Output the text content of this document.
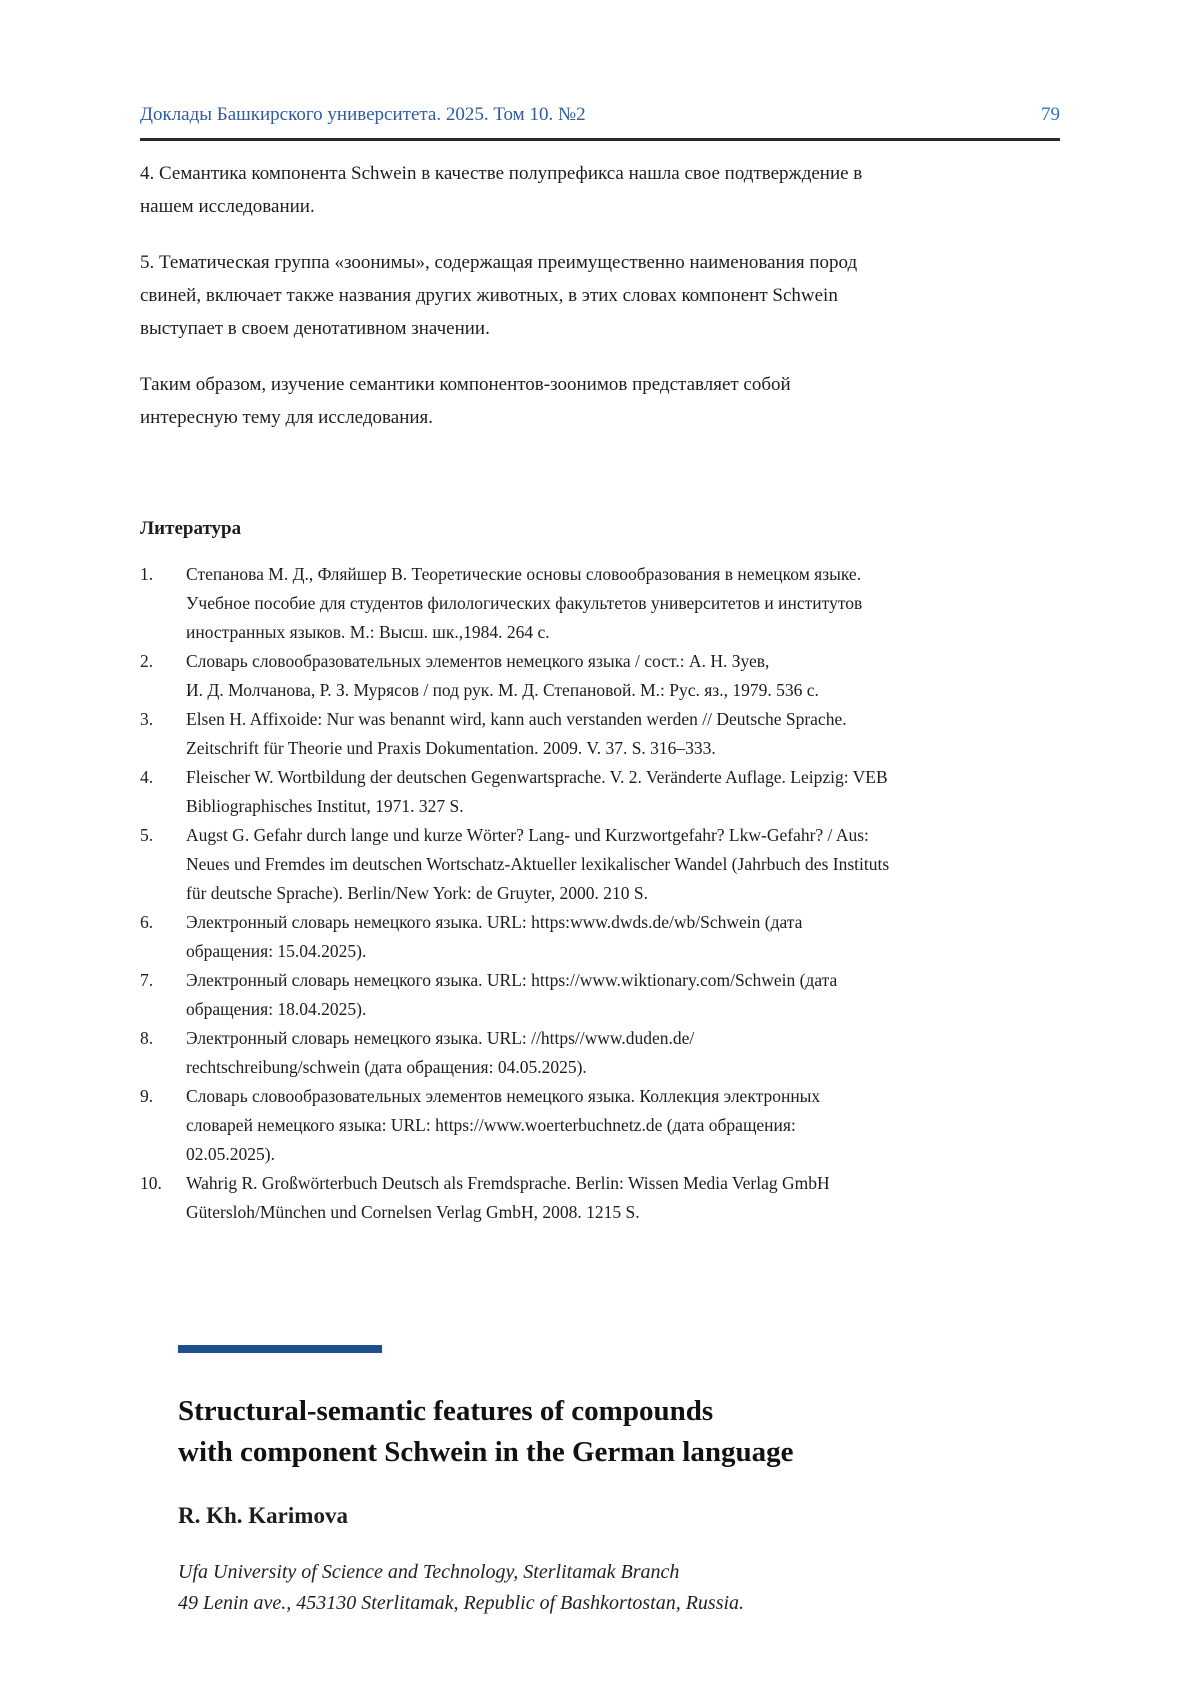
Доклады Башкирского университета. 2025. Том 10. №2	79

4. Семантика компонента Schwein в качестве полупрефикса нашла свое подтверждение в
нашем исследовании.

5. Тематическая группа «зоонимы», содержащая преимущественно наименования пород
свиней, включает также названия других животных, в этих словах компонент Schwein
выступает в своем денотативном значении.

Таким образом, изучение семантики компонентов-зоонимов представляет собой
интересную тему для исследования.

Литература
1.	Степанова М. Д., Фляйшер В. Теоретические основы словообразования в немецком языке.
Учебное пособие для студентов филологических факультетов университетов и институтов
иностранных языков. М.: Высш. шк.,1984. 264 с.
2.	Словарь словообразовательных элементов немецкого языка / сост.: А. Н. Зуев,
И. Д. Молчанова, Р. З. Мурясов / под рук. М. Д. Степановой. М.: Рус. яз., 1979. 536 с.
3.	Elsen H. Affixoide: Nur was benannt wird, kann auch verstanden werden // Deutsche Sprache.
Zeitschrift für Theorie und Praxis Dokumentation. 2009. V. 37. S. 316–333.
4.	Fleischer W. Wortbildung der deutschen Gegenwartsprache. V. 2. Veränderte Auflage. Leipzig: VEB
Bibliographisches Institut, 1971. 327 S.
5.	Augst G. Gefahr durch lange und kurze Wörter? Lang- und Kurzwortgefahr? Lkw-Gefahr? / Aus:
Neues und Fremdes im deutschen Wortschatz-Aktueller lexikalischer Wandel (Jahrbuch des Instituts
für deutsche Sprache). Berlin/New York: de Gruyter, 2000. 210 S.
6.	Электронный словарь немецкого языка. URL: https:www.dwds.de/wb/Schwein (дата
обращения: 15.04.2025).
7.	Электронный словарь немецкого языка. URL: https://www.wiktionary.com/Schwein (дата
обращения: 18.04.2025).
8.	Электронный словарь немецкого языка. URL: //https//www.duden.de/
rechtschreibung/schwein (дата обращения: 04.05.2025).
9.	Словарь словообразовательных элементов немецкого языка. Коллекция электронных
словарей немецкого языка: URL: https://www.woerterbuchnetz.de (дата обращения:
02.05.2025).
10.	Wahrig R. Großwörterbuch Deutsch als Fremdsprache. Berlin: Wissen Media Verlag GmbH
Gütersloh/München und Cornelsen Verlag GmbH, 2008. 1215 S.
Structural-semantic features of compounds
with component Schwein in the German language
R. Kh. Karimova
Ufa University of Science and Technology, Sterlitamak Branch
49 Lenin ave., 453130 Sterlitamak, Republic of Bashkortostan, Russia.
